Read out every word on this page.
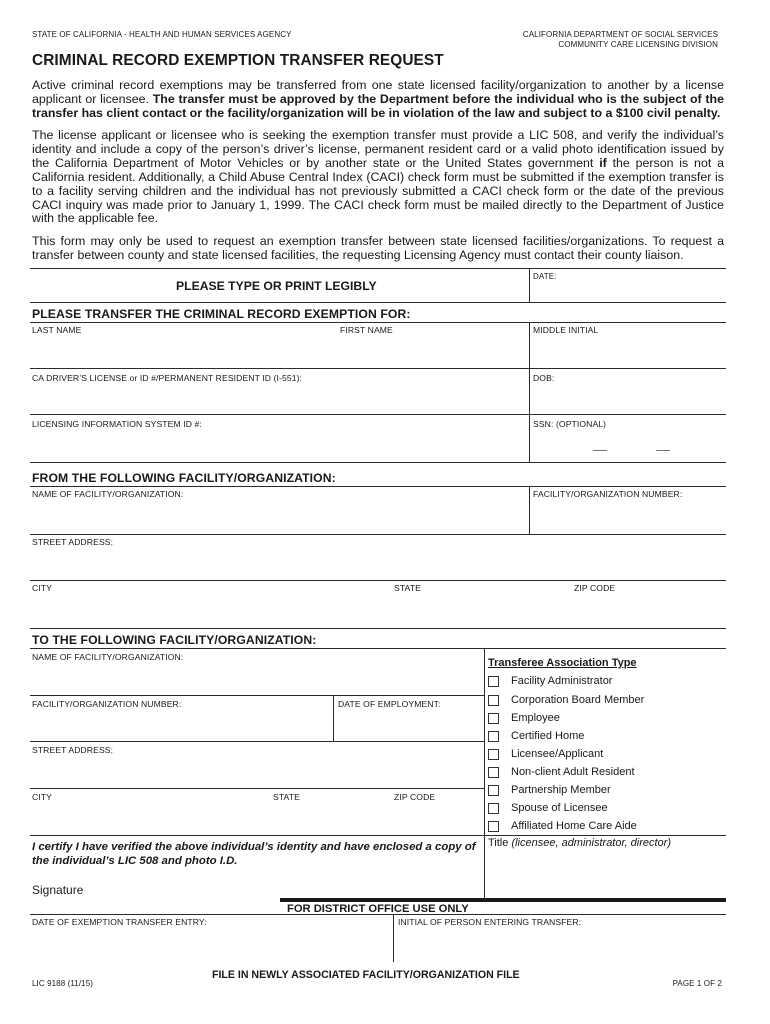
STATE OF CALIFORNIA - HEALTH AND HUMAN SERVICES AGENCY	CALIFORNIA DEPARTMENT OF SOCIAL SERVICES
COMMUNITY CARE LICENSING DIVISION
CRIMINAL RECORD EXEMPTION TRANSFER REQUEST
Active criminal record exemptions may be transferred from one state licensed facility/organization to another by a license applicant or licensee. The transfer must be approved by the Department before the individual who is the subject of the transfer has client contact or the facility/organization will be in violation of the law and subject to a $100 civil penalty.
The license applicant or licensee who is seeking the exemption transfer must provide a LIC 508, and verify the individual’s identity and include a copy of the person’s driver’s license, permanent resident card or a valid photo identification issued by the California Department of Motor Vehicles or by another state or the United States government if the person is not a California resident. Additionally, a Child Abuse Central Index (CACI) check form must be submitted if the exemption transfer is to a facility serving children and the individual has not previously submitted a CACI check form or the date of the previous CACI inquiry was made prior to January 1, 1999. The CACI check form must be mailed directly to the Department of Justice with the applicable fee.
This form may only be used to request an exemption transfer between state licensed facilities/organizations. To request a transfer between county and state licensed facilities, the requesting Licensing Agency must contact their county liaison.
PLEASE TYPE OR PRINT LEGIBLY
DATE:
PLEASE TRANSFER THE CRIMINAL RECORD EXEMPTION FOR:
LAST NAME	FIRST NAME	MIDDLE INITIAL
CA DRIVER’S LICENSE or ID #/PERMANENT RESIDENT ID (I-551):	DOB:
LICENSING INFORMATION SYSTEM ID #:	SSN: (OPTIONAL)
FROM THE FOLLOWING FACILITY/ORGANIZATION:
NAME OF FACILITY/ORGANIZATION:	FACILITY/ORGANIZATION NUMBER:
STREET ADDRESS:
CITY	STATE	ZIP CODE
TO THE FOLLOWING FACILITY/ORGANIZATION:
NAME OF FACILITY/ORGANIZATION:
FACILITY/ORGANIZATION NUMBER:	DATE OF EMPLOYMENT:
STREET ADDRESS:
CITY	STATE	ZIP CODE
I certify I have verified the above individual’s identity and have enclosed a copy of the individual’s LIC 508 and photo I.D.
Signature
Transferee Association Type
Facility Administrator
Corporation Board Member
Employee
Certified Home
Licensee/Applicant
Non-client Adult Resident
Partnership Member
Spouse of Licensee
Affiliated Home Care Aide
Title (licensee, administrator, director)
FOR DISTRICT OFFICE USE ONLY
DATE OF EXEMPTION TRANSFER ENTRY:	INITIAL OF PERSON ENTERING TRANSFER:
LIC 9188 (11/15)
FILE IN NEWLY ASSOCIATED FACILITY/ORGANIZATION FILE
PAGE 1 OF 2
